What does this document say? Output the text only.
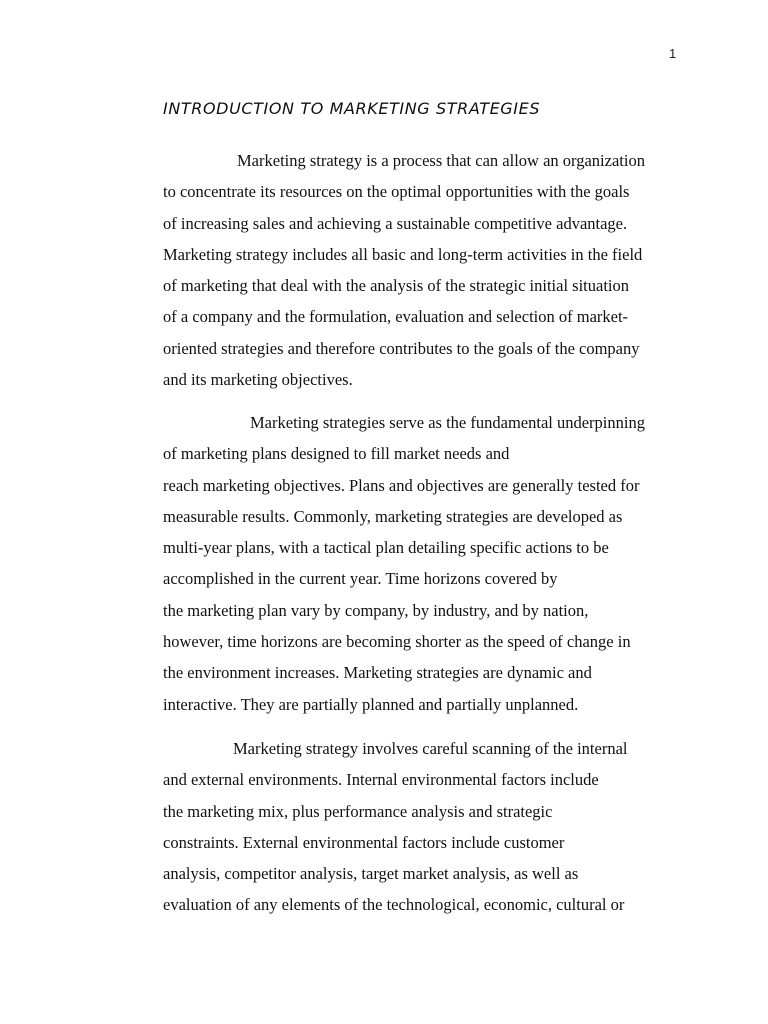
1
INTRODUCTION TO MARKETING STRATEGIES
Marketing strategy is a process that can allow an organization
to concentrate its resources on the optimal opportunities with the goals
of increasing sales and achieving a sustainable competitive advantage.
Marketing strategy includes all basic and long-term activities in the field
of marketing that deal with the analysis of the strategic initial situation
of a company and the formulation, evaluation and selection of market-
oriented strategies and therefore contributes to the goals of the company
and its marketing objectives.
Marketing strategies serve as the fundamental underpinning
of marketing plans designed to fill market needs and
reach marketing objectives. Plans and objectives are generally tested for
measurable results. Commonly, marketing strategies are developed as
multi-year plans, with a tactical plan detailing specific actions to be
accomplished in the current year. Time horizons covered by
the marketing plan vary by company, by industry, and by nation,
however, time horizons are becoming shorter as the speed of change in
the environment increases. Marketing strategies are dynamic and
interactive. They are partially planned and partially unplanned.
Marketing strategy involves careful scanning of the internal
and external environments. Internal environmental factors include
the marketing mix, plus performance analysis and strategic
constraints. External environmental factors include customer
analysis, competitor analysis, target market analysis, as well as
evaluation of any elements of the technological, economic, cultural or
